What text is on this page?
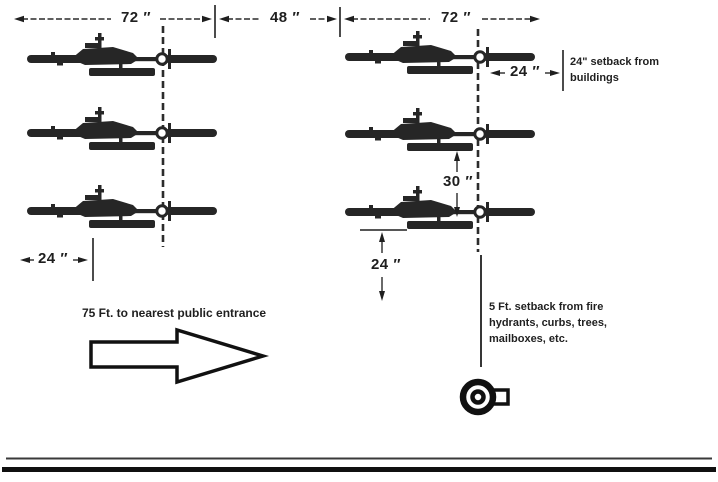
72 ″	48 ″	72 ″
24 ″
30 ″
24 ″
24 ″
24" setback from buildings
75 Ft. to nearest public entrance	5 Ft. setback from fire hydrants, curbs, trees, mailboxes, etc.
